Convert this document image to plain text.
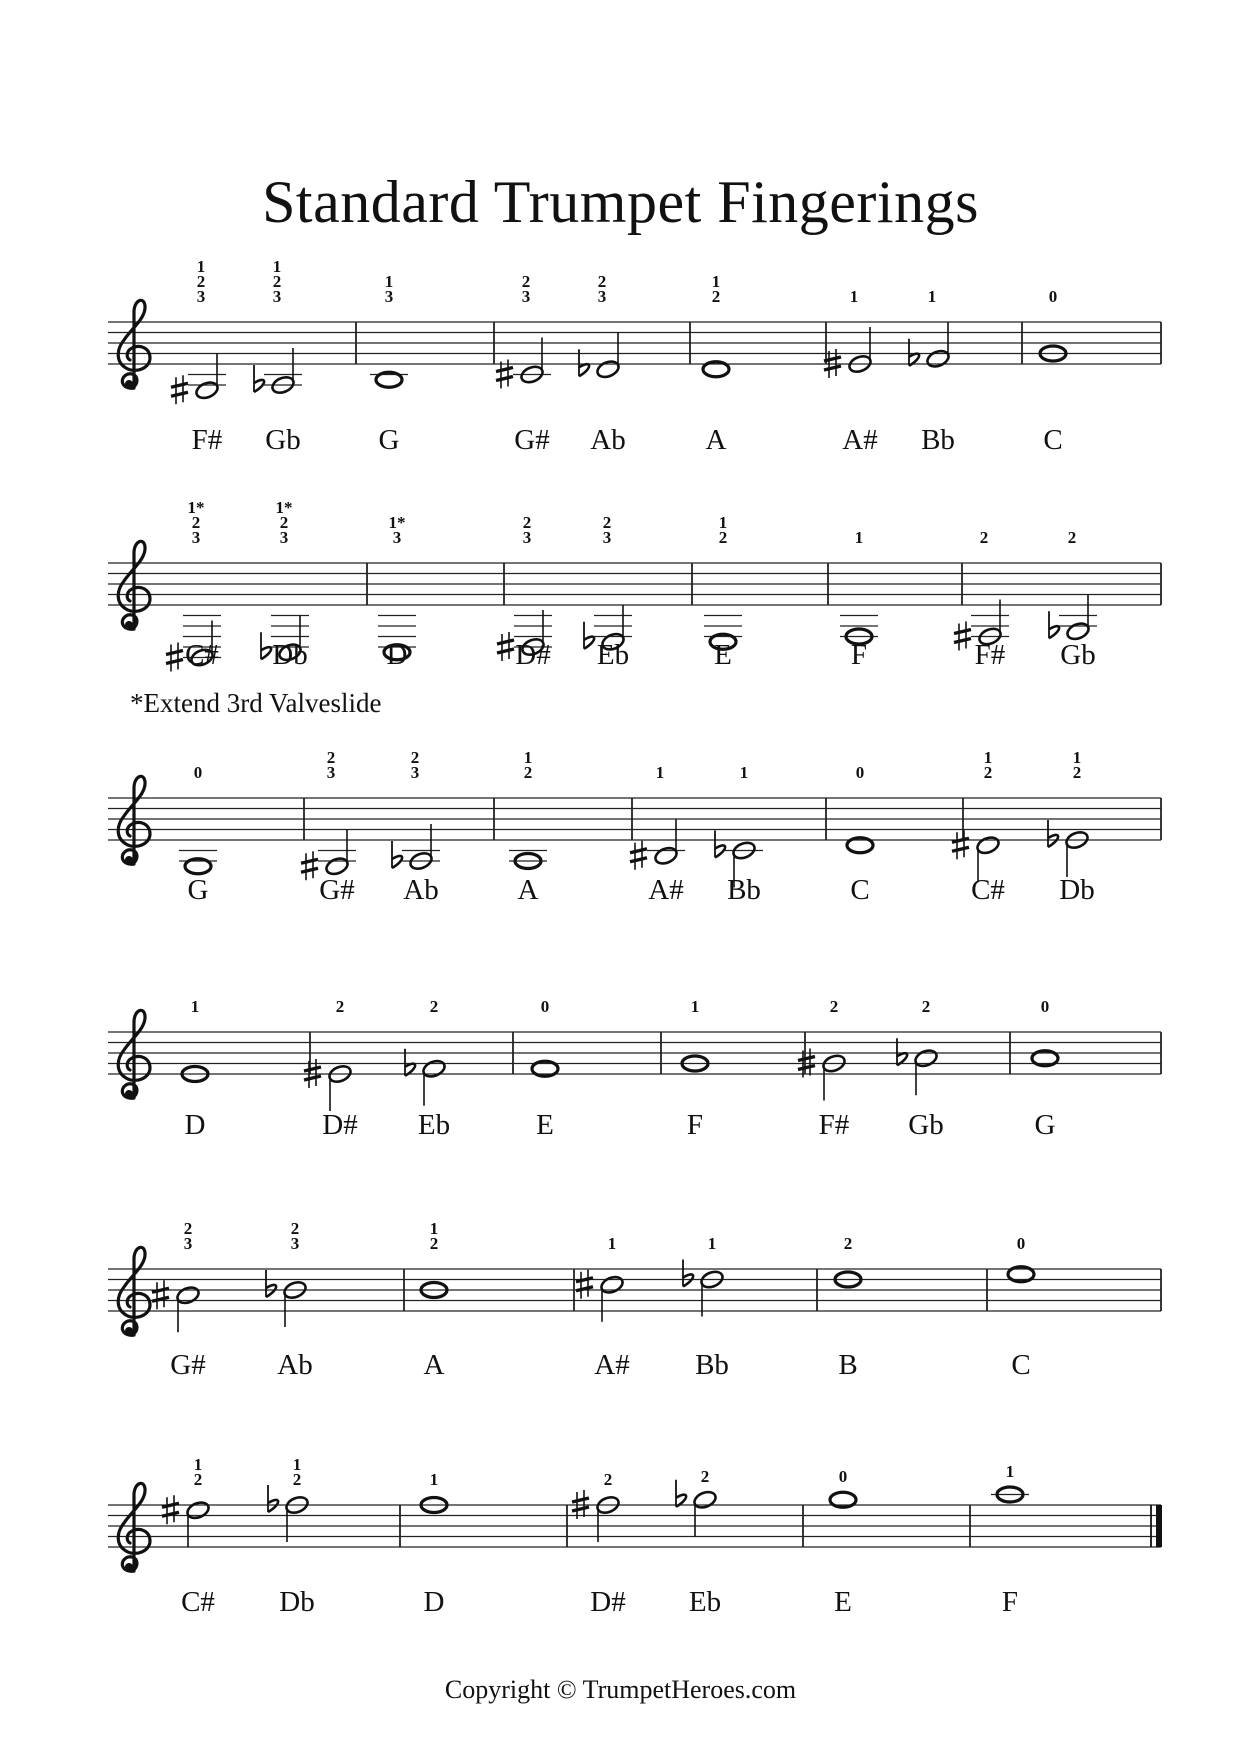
Standard Trumpet Fingerings
1
2
3
F#
1
2
3
Gb
1
3
G
2
3
G#
2
3
Ab
1
2
A
1
A#
1
Bb
0
C
1*
2
3
C#
1*
2
3
Db
1*
3
D
2
3
D#
2
3
Eb
1
2
E
1
F
2
F#
2
Gb
0
G
2
3
G#
2
3
Ab
1
2
A
1
A#
1
Bb
0
C
1
2
C#
1
2
Db
1
D
2
D#
2
Eb
0
E
1
F
2
F#
2
Gb
0
G
2
3
G#
2
3
Ab
1
2
A
1
A#
1
Bb
2
B
0
C
1
2
C#
1
2
Db
1
D
2
D#
2
Eb
0
E
1
F
*Extend 3rd Valveslide
Copyright © TrumpetHeroes.com
